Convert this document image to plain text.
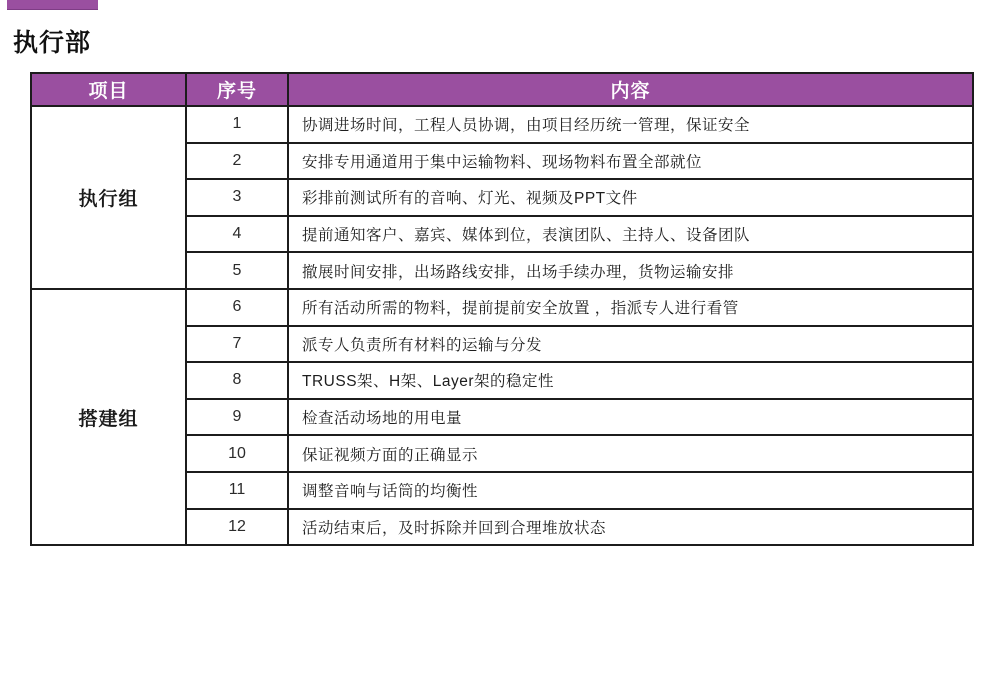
执行部
项目	序号	内容
执行组	1	协调进场时间，工程人员协调，由项目经历统一管理，保证安全
	2	安排专用通道用于集中运输物料、现场物料布置全部就位
	3	彩排前测试所有的音响、灯光、视频及PPT文件
	4	提前通知客户、嘉宾、媒体到位，表演团队、主持人、设备团队
	5	撤展时间安排，出场路线安排，出场手续办理，货物运输安排
搭建组	6	所有活动所需的物料，提前提前安全放置 ，指派专人进行看管
	7	派专人负责所有材料的运输与分发
	8	TRUSS架、H架、Layer架的稳定性
	9	检查活动场地的用电量
	10	保证视频方面的正确显示
	11	调整音响与话筒的均衡性
	12	活动结束后，及时拆除并回到合理堆放状态
